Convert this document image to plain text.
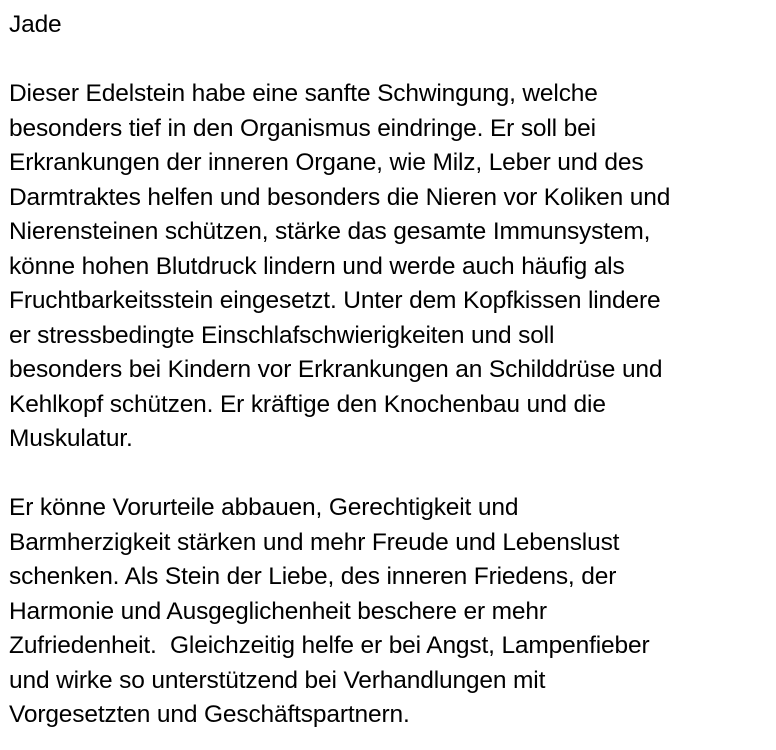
Jade
Dieser Edelstein habe eine sanfte Schwingung, welche
besonders tief in den Organismus eindringe. Er soll bei
Erkrankungen der inneren Organe, wie Milz, Leber und des
Darmtraktes helfen und besonders die Nieren vor Koliken und
Nierensteinen schützen, stärke das gesamte Immunsystem,
könne hohen Blutdruck lindern und werde auch häufig als
Fruchtbarkeitsstein eingesetzt. Unter dem Kopfkissen lindere
er stressbedingte Einschlafschwierigkeiten und soll
besonders bei Kindern vor Erkrankungen an Schilddrüse und
Kehlkopf schützen. Er kräftige den Knochenbau und die
Muskulatur.
Er könne Vorurteile abbauen, Gerechtigkeit und
Barmherzigkeit stärken und mehr Freude und Lebenslust
schenken. Als Stein der Liebe, des inneren Friedens, der
Harmonie und Ausgeglichenheit beschere er mehr
Zufriedenheit.  Gleichzeitig helfe er bei Angst, Lampenfieber
und wirke so unterstützend bei Verhandlungen mit
Vorgesetzten und Geschäftspartnern.
